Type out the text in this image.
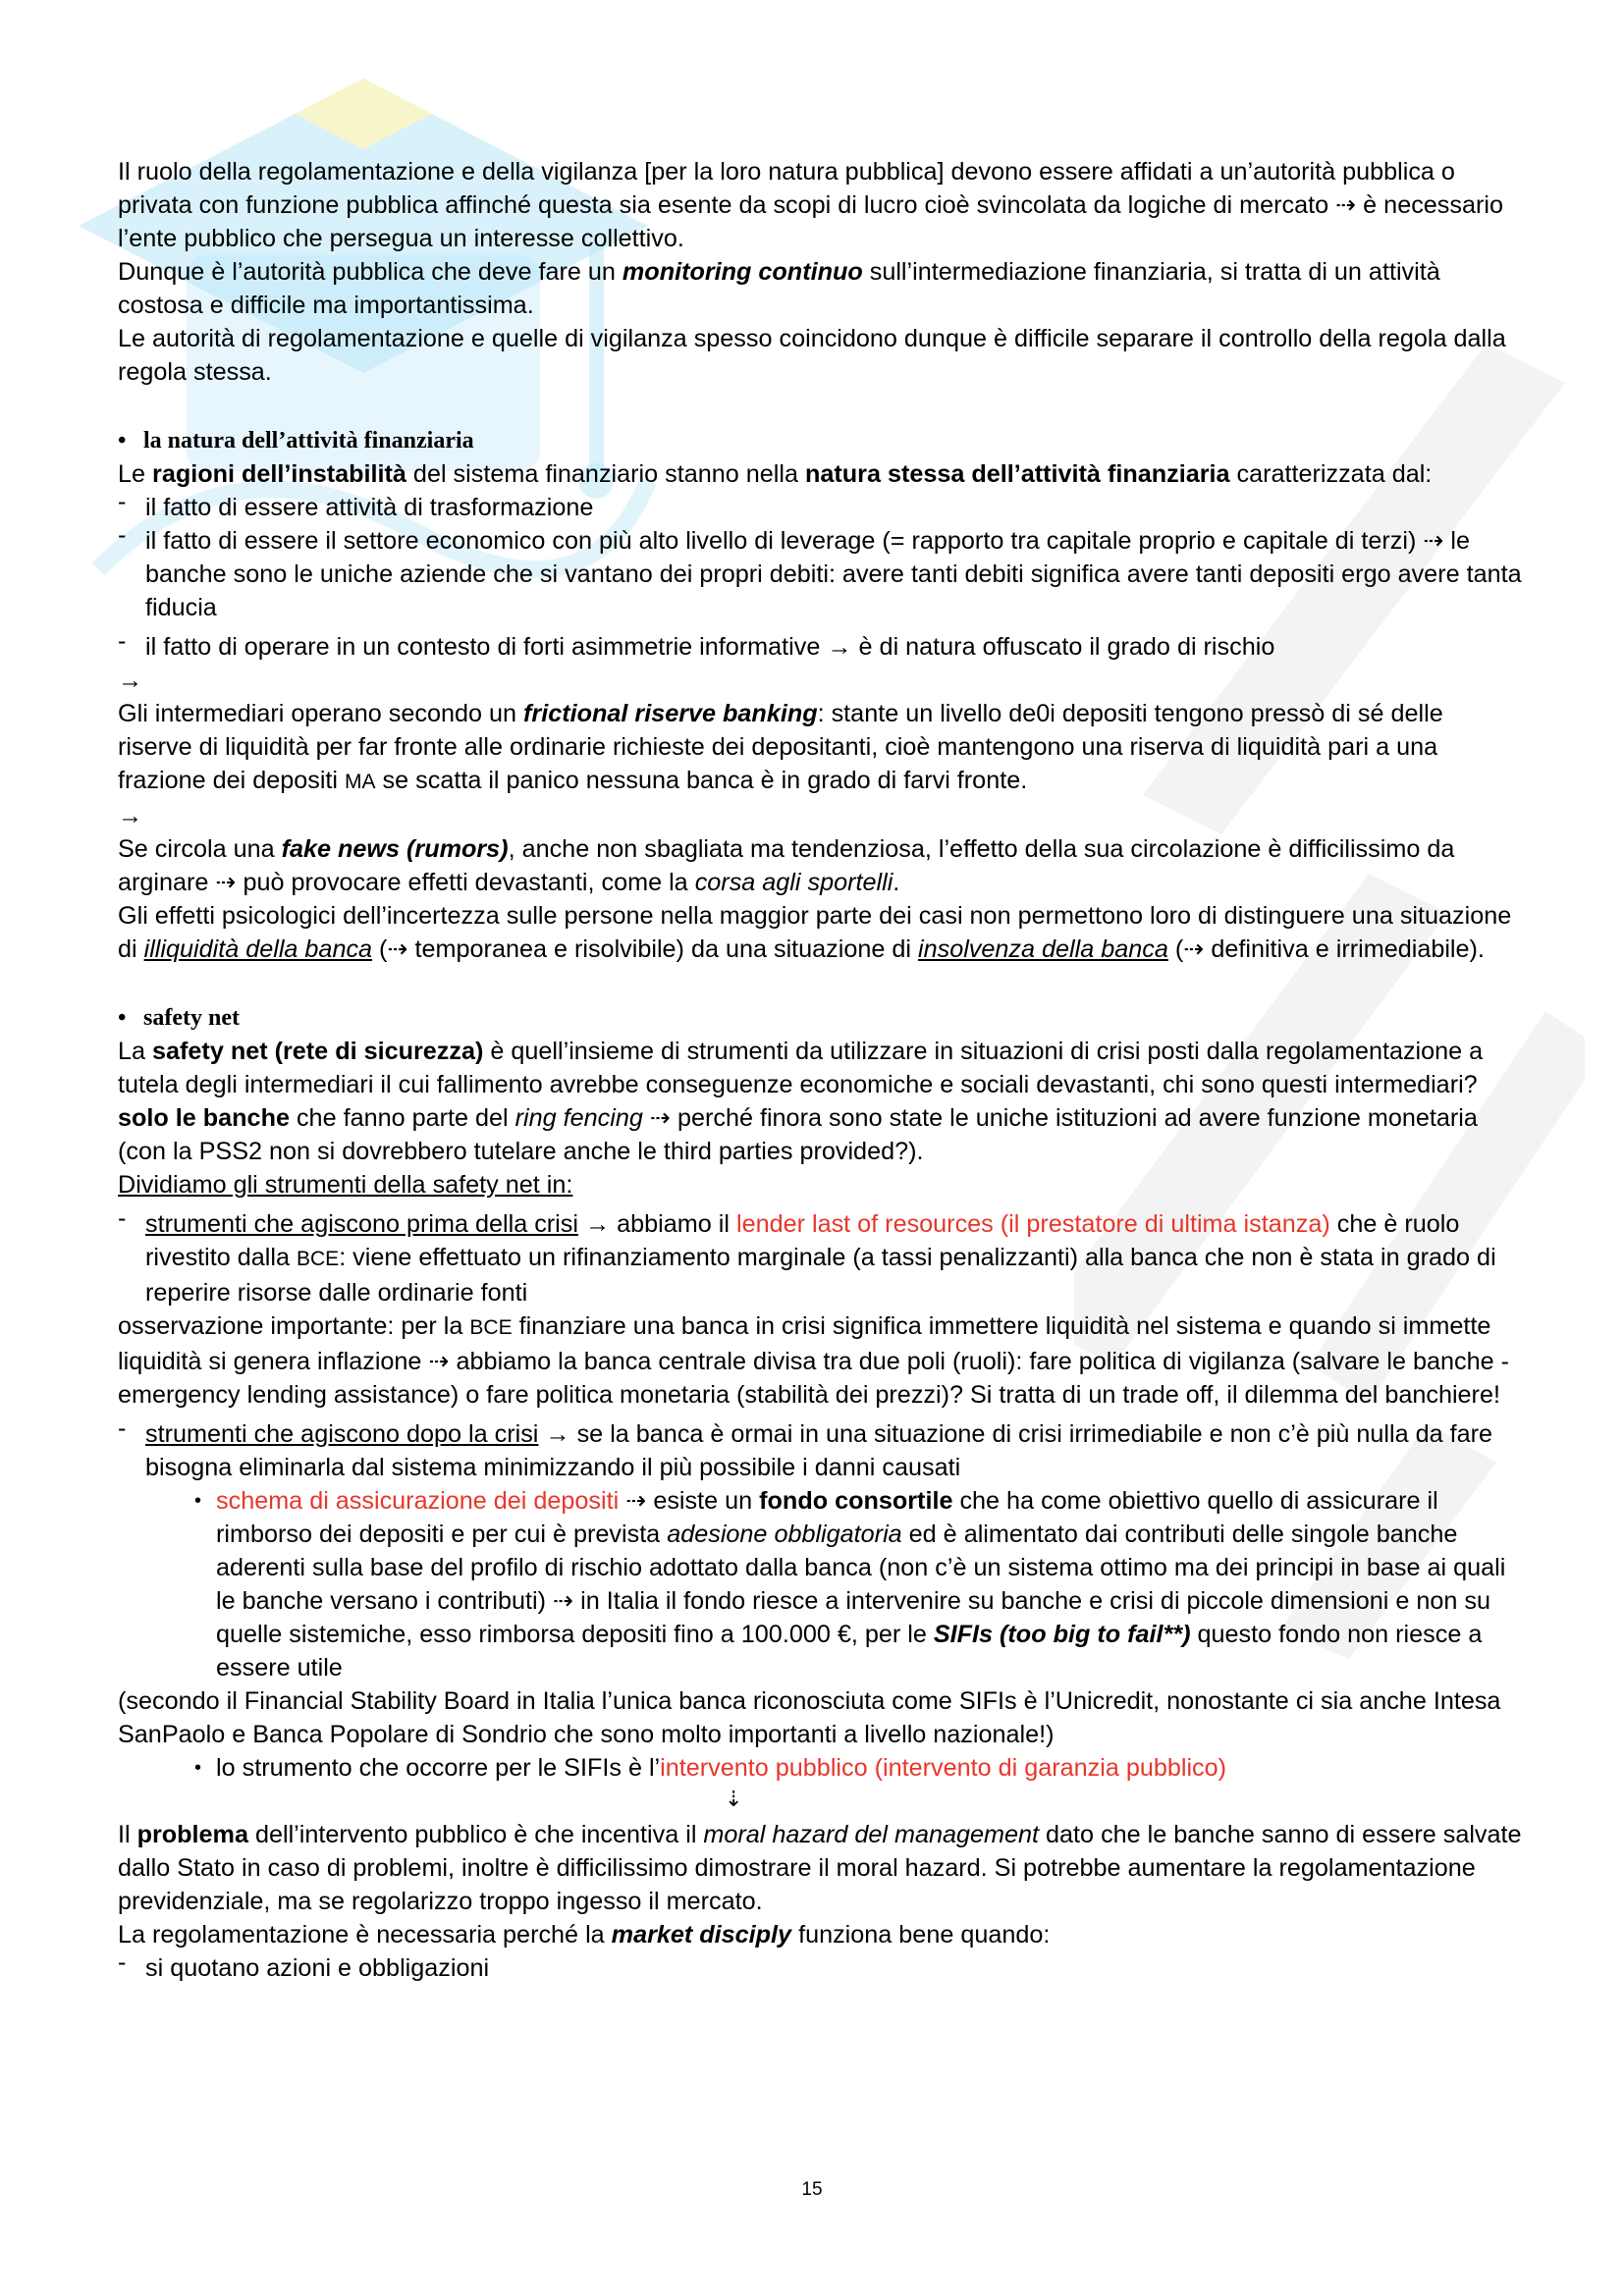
Il ruolo della regolamentazione e della vigilanza [per la loro natura pubblica] devono essere affidati a un’autorità pubblica o privata con funzione pubblica affinché questa sia esente da scopi di lucro cioè svincolata da logiche di mercato ⇢ è necessario l’ente pubblico che persegua un interesse collettivo.

Dunque è l’autorità pubblica che deve fare un monitoring continuo sull’intermediazione finanziaria, si tratta di un attività costosa e difficile ma importantissima.

Le autorità di regolamentazione e quelle di vigilanza spesso coincidono dunque è difficile separare il controllo della regola dalla regola stessa.

• la natura dell’attività finanziaria

Le ragioni dell’instabilità del sistema finanziario stanno nella natura stessa dell’attività finanziaria caratterizzata dal:

- il fatto di essere attività di trasformazione
- il fatto di essere il settore economico con più alto livello di leverage (= rapporto tra capitale proprio e capitale di terzi) ⇢ le banche sono le uniche aziende che si vantano dei propri debiti: avere tanti debiti significa avere tanti depositi ergo avere tanta fiducia
- il fatto di operare in un contesto di forti asimmetrie informative → è di natura offuscato il grado di rischio
→

Gli intermediari operano secondo un frictional riserve banking: stante un livello de0i depositi tengono pressò di sé delle riserve di liquidità per far fronte alle ordinarie richieste dei depositanti, cioè mantengono una riserva di liquidità pari a una frazione dei depositi MA se scatta il panico nessuna banca è in grado di farvi fronte.

→

Se circola una fake news (rumors), anche non sbagliata ma tendenziosa, l’effetto della sua circolazione è difficilissimo da arginare ⇢ può provocare effetti devastanti, come la corsa agli sportelli.

Gli effetti psicologici dell’incertezza sulle persone nella maggior parte dei casi non permettono loro di distinguere una situazione di illiquidità della banca (⇢ temporanea e risolvibile) da una situazione di insolvenza della banca (⇢ definitiva e irrimediabile).

• safety net

La safety net (rete di sicurezza) è quell’insieme di strumenti da utilizzare in situazioni di crisi posti dalla regolamentazione a tutela degli intermediari il cui fallimento avrebbe conseguenze economiche e sociali devastanti, chi sono questi intermediari? solo le banche che fanno parte del ring fencing ⇢ perché finora sono state le uniche istituzioni ad avere funzione monetaria (con la PSS2 non si dovrebbero tutelare anche le third parties provided?).

Dividiamo gli strumenti della safety net in:

- strumenti che agiscono prima della crisi → abbiamo il lender last of resources (il prestatore di ultima istanza) che è ruolo rivestito dalla BCE: viene effettuato un rifinanziamento marginale (a tassi penalizzanti) alla banca che non è stata in grado di reperire risorse dalle ordinarie fonti

osservazione importante: per la BCE finanziare una banca in crisi significa immettere liquidità nel sistema e quando si immette liquidità si genera inflazione ⇢ abbiamo la banca centrale divisa tra due poli (ruoli): fare politica di vigilanza (salvare le banche - emergency lending assistance) o fare politica monetaria (stabilità dei prezzi)? Si tratta di un trade off, il dilemma del banchiere!

- strumenti che agiscono dopo la crisi → se la banca è ormai in una situazione di crisi irrimediabile e non c’è più nulla da fare bisogna eliminarla dal sistema minimizzando il più possibile i danni causati
• schema di assicurazione dei depositi ⇢ esiste un fondo consortile che ha come obiettivo quello di assicurare il rimborso dei depositi e per cui è prevista adesione obbligatoria ed è alimentato dai contributi delle singole banche aderenti sulla base del profilo di rischio adottato dalla banca (non c’è un sistema ottimo ma dei principi in base ai quali le banche versano i contributi) ⇢ in Italia il fondo riesce a intervenire su banche e crisi di piccole dimensioni e non su quelle sistemiche, esso rimborsa depositi fino a 100.000 €, per le SIFIs (too big to fail**) questo fondo non riesce a essere utile

(secondo il Financial Stability Board in Italia l’unica banca riconosciuta come SIFIs è l’Unicredit, nonostante ci sia anche Intesa SanPaolo e Banca Popolare di Sondrio che sono molto importanti a livello nazionale!)

• lo strumento che occorre per le SIFIs è l’intervento pubblico (intervento di garanzia pubblico)
⇣

Il problema dell’intervento pubblico è che incentiva il moral hazard del management dato che le banche sanno di essere salvate dallo Stato in caso di problemi, inoltre è difficilissimo dimostrare il moral hazard. Si potrebbe aumentare la regolamentazione previdenziale, ma se regolarizzo troppo ingesso il mercato.

La regolamentazione è necessaria perché la market disciply funziona bene quando:

- si quotano azioni e obbligazioni
15
